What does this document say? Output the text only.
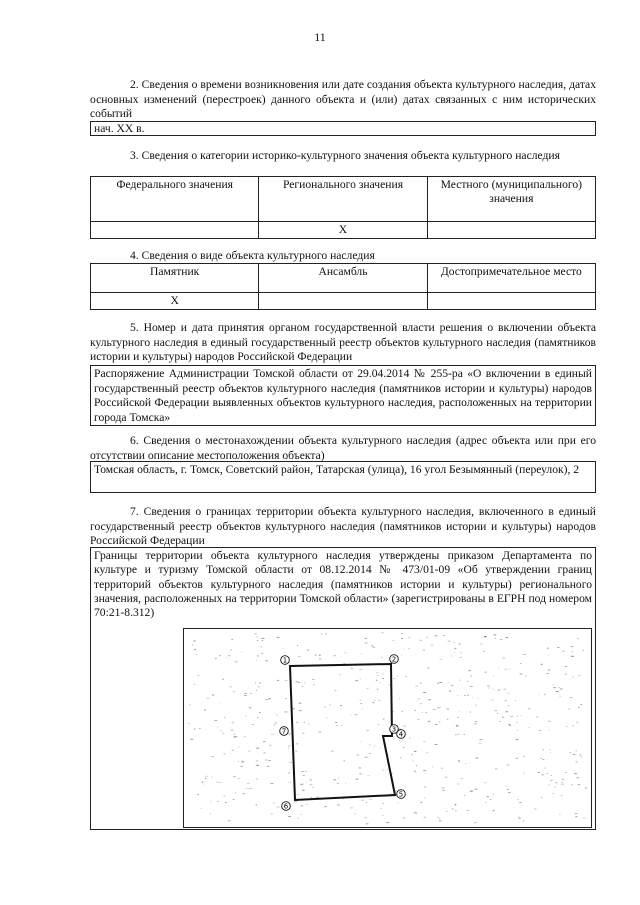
11
2. Сведения о времени возникновения или дате создания объекта культурного наследия, датах основных изменений (перестроек) данного объекта и (или) датах связанных с ним исторических событий
нач. XX в.
3. Сведения о категории историко-культурного значения объекта культурного наследия
Федерального значения	Регионального значения	Местного (муниципального) значения
	X	
4. Сведения о виде объекта культурного наследия
Памятник	Ансамбль	Достопримечательное место
X		
5. Номер и дата принятия органом государственной власти решения о включении объекта культурного наследия в единый государственный реестр объектов культурного наследия (памятников истории и культуры) народов Российской Федерации
Распоряжение Администрации Томской области от 29.04.2014 № 255-ра «О включении в единый государственный реестр объектов культурного наследия (памятников истории и культуры) народов Российской Федерации выявленных объектов культурного наследия, расположенных на территории города Томска»
6. Сведения о местонахождении объекта культурного наследия (адрес объекта или при его отсутствии описание местоположения объекта)
Томская область, г. Томск, Советский район, Татарская (улица), 16 угол Безымянный (переулок), 2
7. Сведения о границах территории объекта культурного наследия, включенного в единый государственный реестр объектов культурного наследия (памятников истории и культуры) народов Российской Федерации
Границы территории объекта культурного наследия утверждены приказом Департамента по культуре и туризму Томской области от 08.12.2014 № 473/01-09 «Об утверждении границ территорий объектов культурного наследия (памятников истории и культуры) регионального значения, расположенных на территории Томской области» (зарегистрированы в ЕГРН под номером 70:21-8.312)
1	2
3
4
5
6
7
